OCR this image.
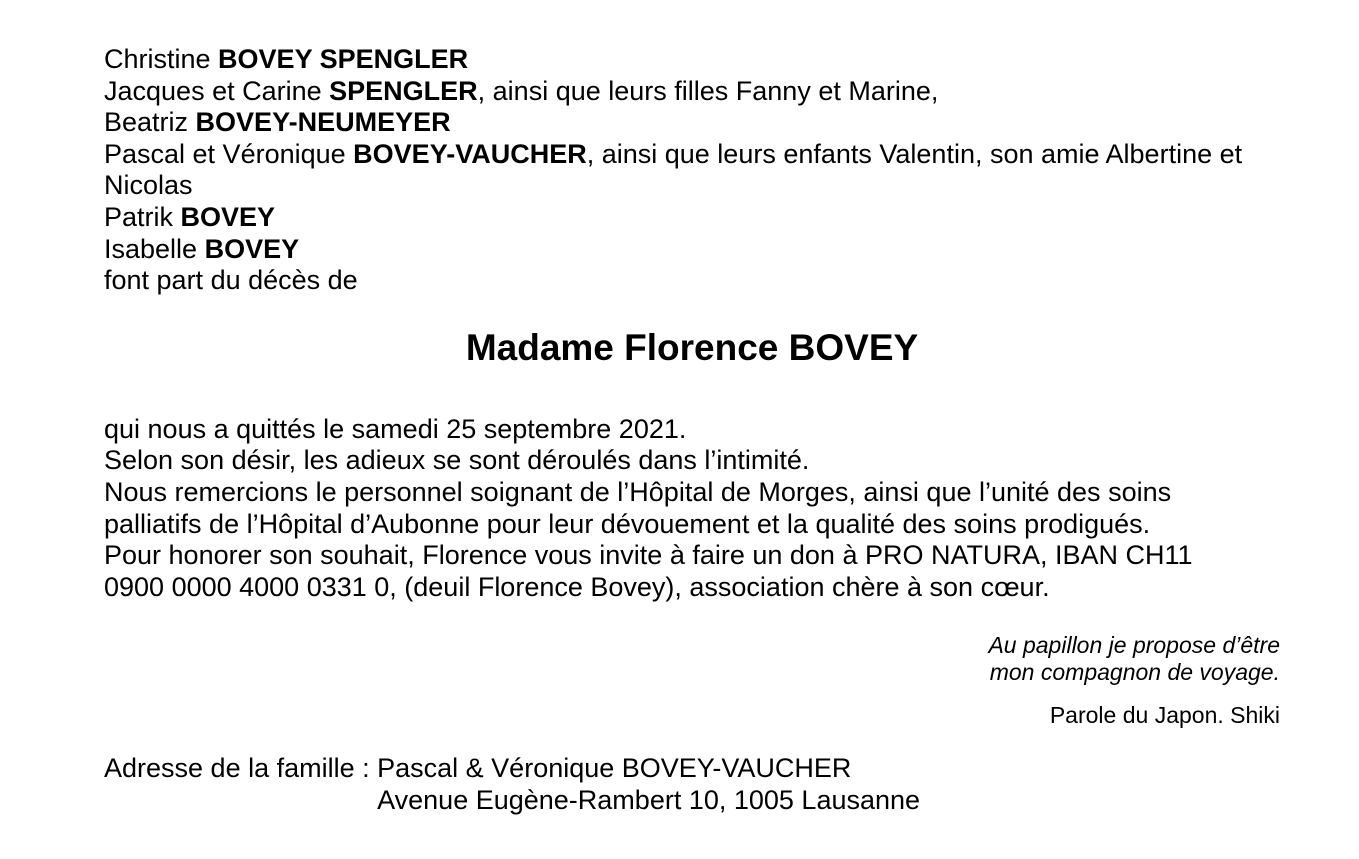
Christine BOVEY SPENGLER
Jacques et Carine SPENGLER, ainsi que leurs filles Fanny et Marine,
Beatriz BOVEY-NEUMEYER
Pascal et Véronique BOVEY-VAUCHER, ainsi que leurs enfants Valentin, son amie Albertine et
Nicolas
Patrik BOVEY
Isabelle BOVEY
font part du décès de
Madame Florence BOVEY
qui nous a quittés le samedi 25 septembre 2021.
Selon son désir, les adieux se sont déroulés dans l’intimité.
Nous remercions le personnel soignant de l’Hôpital de Morges, ainsi que l’unité des soins
palliatifs de l’Hôpital d’Aubonne pour leur dévouement et la qualité des soins prodigués.
Pour honorer son souhait, Florence vous invite à faire un don à PRO NATURA, IBAN CH11
0900 0000 4000 0331 0, (deuil Florence Bovey), association chère à son cœur.
Au papillon je propose d’être
mon compagnon de voyage.
Parole du Japon. Shiki
Adresse de la famille : Pascal & Véronique BOVEY-VAUCHER
Avenue Eugène-Rambert 10, 1005 Lausanne
